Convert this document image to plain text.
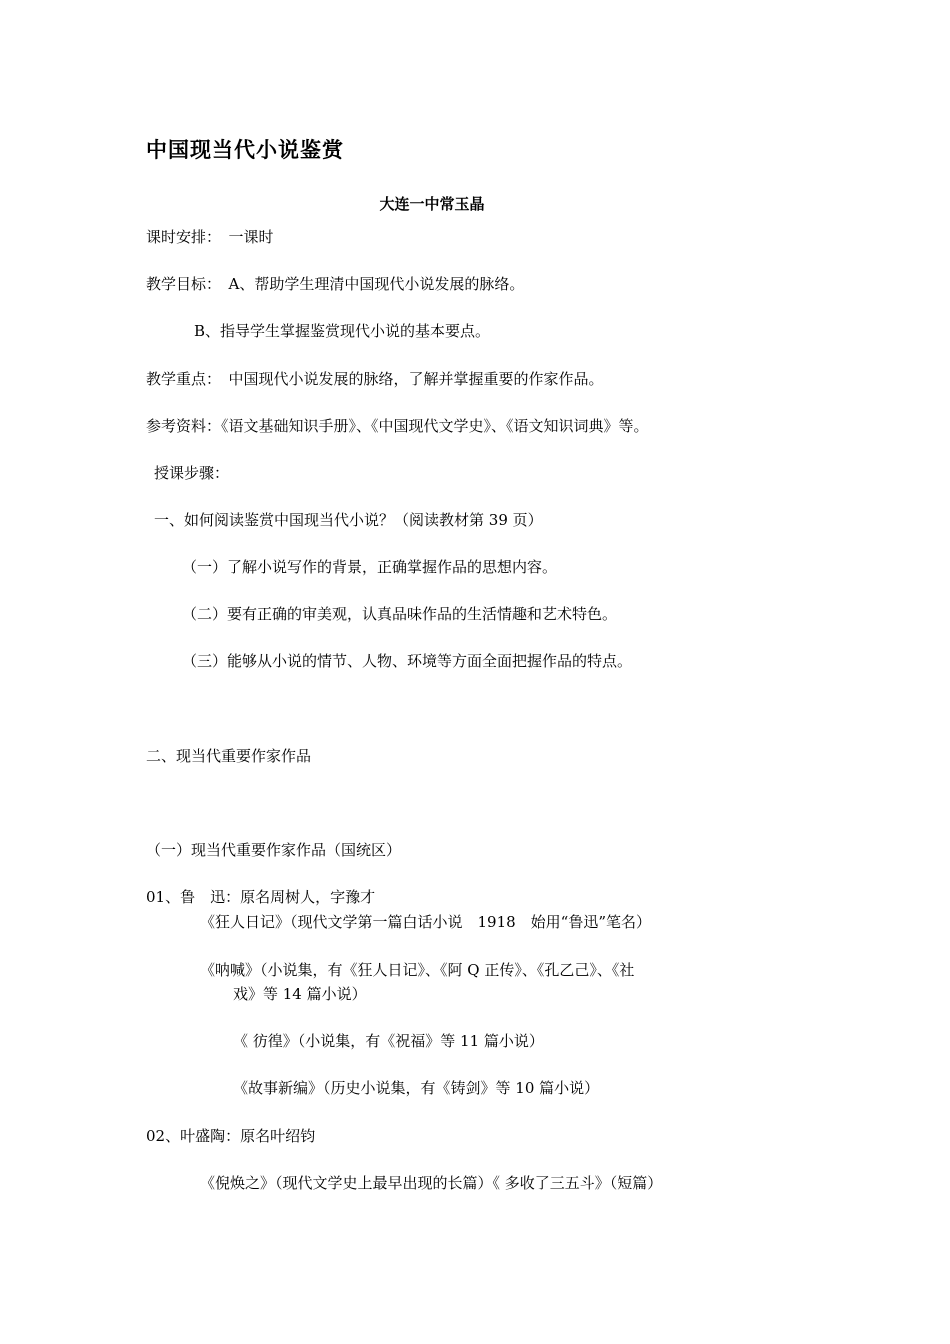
中国现当代小说鉴赏
大连一中常玉晶
课时安排：　一课时
教学目标：　A、帮助学生理清中国现代小说发展的脉络。
B、指导学生掌握鉴赏现代小说的基本要点。
教学重点：　中国现代小说发展的脉络，了解并掌握重要的作家作品。
参考资料：《语文基础知识手册》、《中国现代文学史》、《语文知识词典》等。
授课步骤：
一、如何阅读鉴赏中国现当代小说？（阅读教材第 39 页）
（一）了解小说写作的背景，正确掌握作品的思想内容。
（二）要有正确的审美观，认真品味作品的生活情趣和艺术特色。
（三）能够从小说的情节、人物、环境等方面全面把握作品的特点。
二、现当代重要作家作品
（一）现当代重要作家作品（国统区）
01、鲁　迅：原名周树人，字豫才
《狂人日记》（现代文学第一篇白话小说　1918　始用“鲁迅”笔名）
《呐喊》（小说集，有《狂人日记》、《阿 Q 正传》、《孔乙己》、《社
戏》等 14 篇小说）
《 彷徨》（小说集，有《祝福》等 11 篇小说）
《故事新编》（历史小说集，有《铸剑》等 10 篇小说）
02、叶盛陶：原名叶绍钧
《倪焕之》（现代文学史上最早出现的长篇）《 多收了三五斗》（短篇）
